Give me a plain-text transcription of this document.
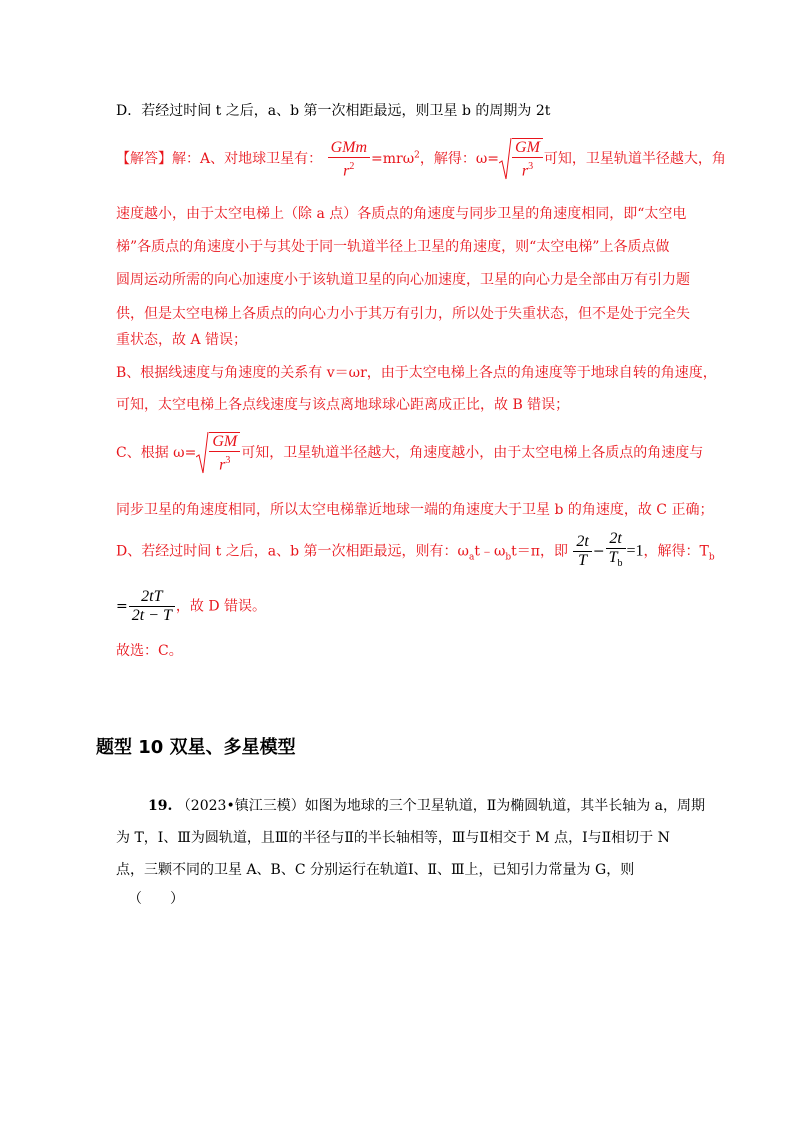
D．若经过时间 t 之后，a、b 第一次相距最远，则卫星 b 的周期为 2t
【解答】解：A、对地球卫星有： $\frac{\text{GMm}}{r^2} =mr\omega^2$，解得：$\omega= \frac{GM}{r^3}$ 可知，卫星轨道半径越大，角
速度越小，由于太空电梯上（除 a 点）各质点的角速度与同步卫星的角速度相同，即“太空电
梯”各质点的角速度小于与其处于同一轨道半径上卫星的角速度，则“太空电梯”上各质点做
圆周运动所需的向心加速度小于该轨道卫星的向心加速度，卫星的向心力是全部由万有引力题
供，但是太空电梯上各质点的向心力小于其万有引力，所以处于失重状态，但不是处于完全失
重状态，故 A 错误；
B、根据线速度与角速度的关系有 v＝ωr，由于太空电梯上各点的角速度等于地球自转的角速度，
可知，太空电梯上各点线速度与该点离地球球心距离成正比，故 B 错误；
C、根据 $\omega= \frac{GM}{r^3}$ 可知，卫星轨道半径越大，角速度越小，由于太空电梯上各质点的角速度与
同步卫星的角速度相同，所以太空电梯靠近地球一端的角速度大于卫星 b 的角速度，故 C 正确；
D、若经过时间 t 之后，a、b 第一次相距最远，则有：$\omega_at﹣\omega_bt=\pi$，即 $\frac{2t}{T} - \frac{2t}{T_b} =1$，解得：$T_b$
= $\frac{2tT}{2t - T}$ ，故 D 错误。
故选：C。
题型 10 双星、多星模型
19. （2023•镇江三模）如图为地球的三个卫星轨道，Ⅱ为椭圆轨道，其半长轴为 a，周期
为 T，Ⅰ、Ⅲ为圆轨道，且Ⅲ的半径与Ⅱ的半长轴相等，Ⅲ与Ⅱ相交于 M 点，Ⅰ与Ⅱ相切于 N
点，三颗不同的卫星 A、B、C 分别运行在轨道Ⅰ、Ⅱ、Ⅲ上，已知引力常量为 G，则
（　　）
